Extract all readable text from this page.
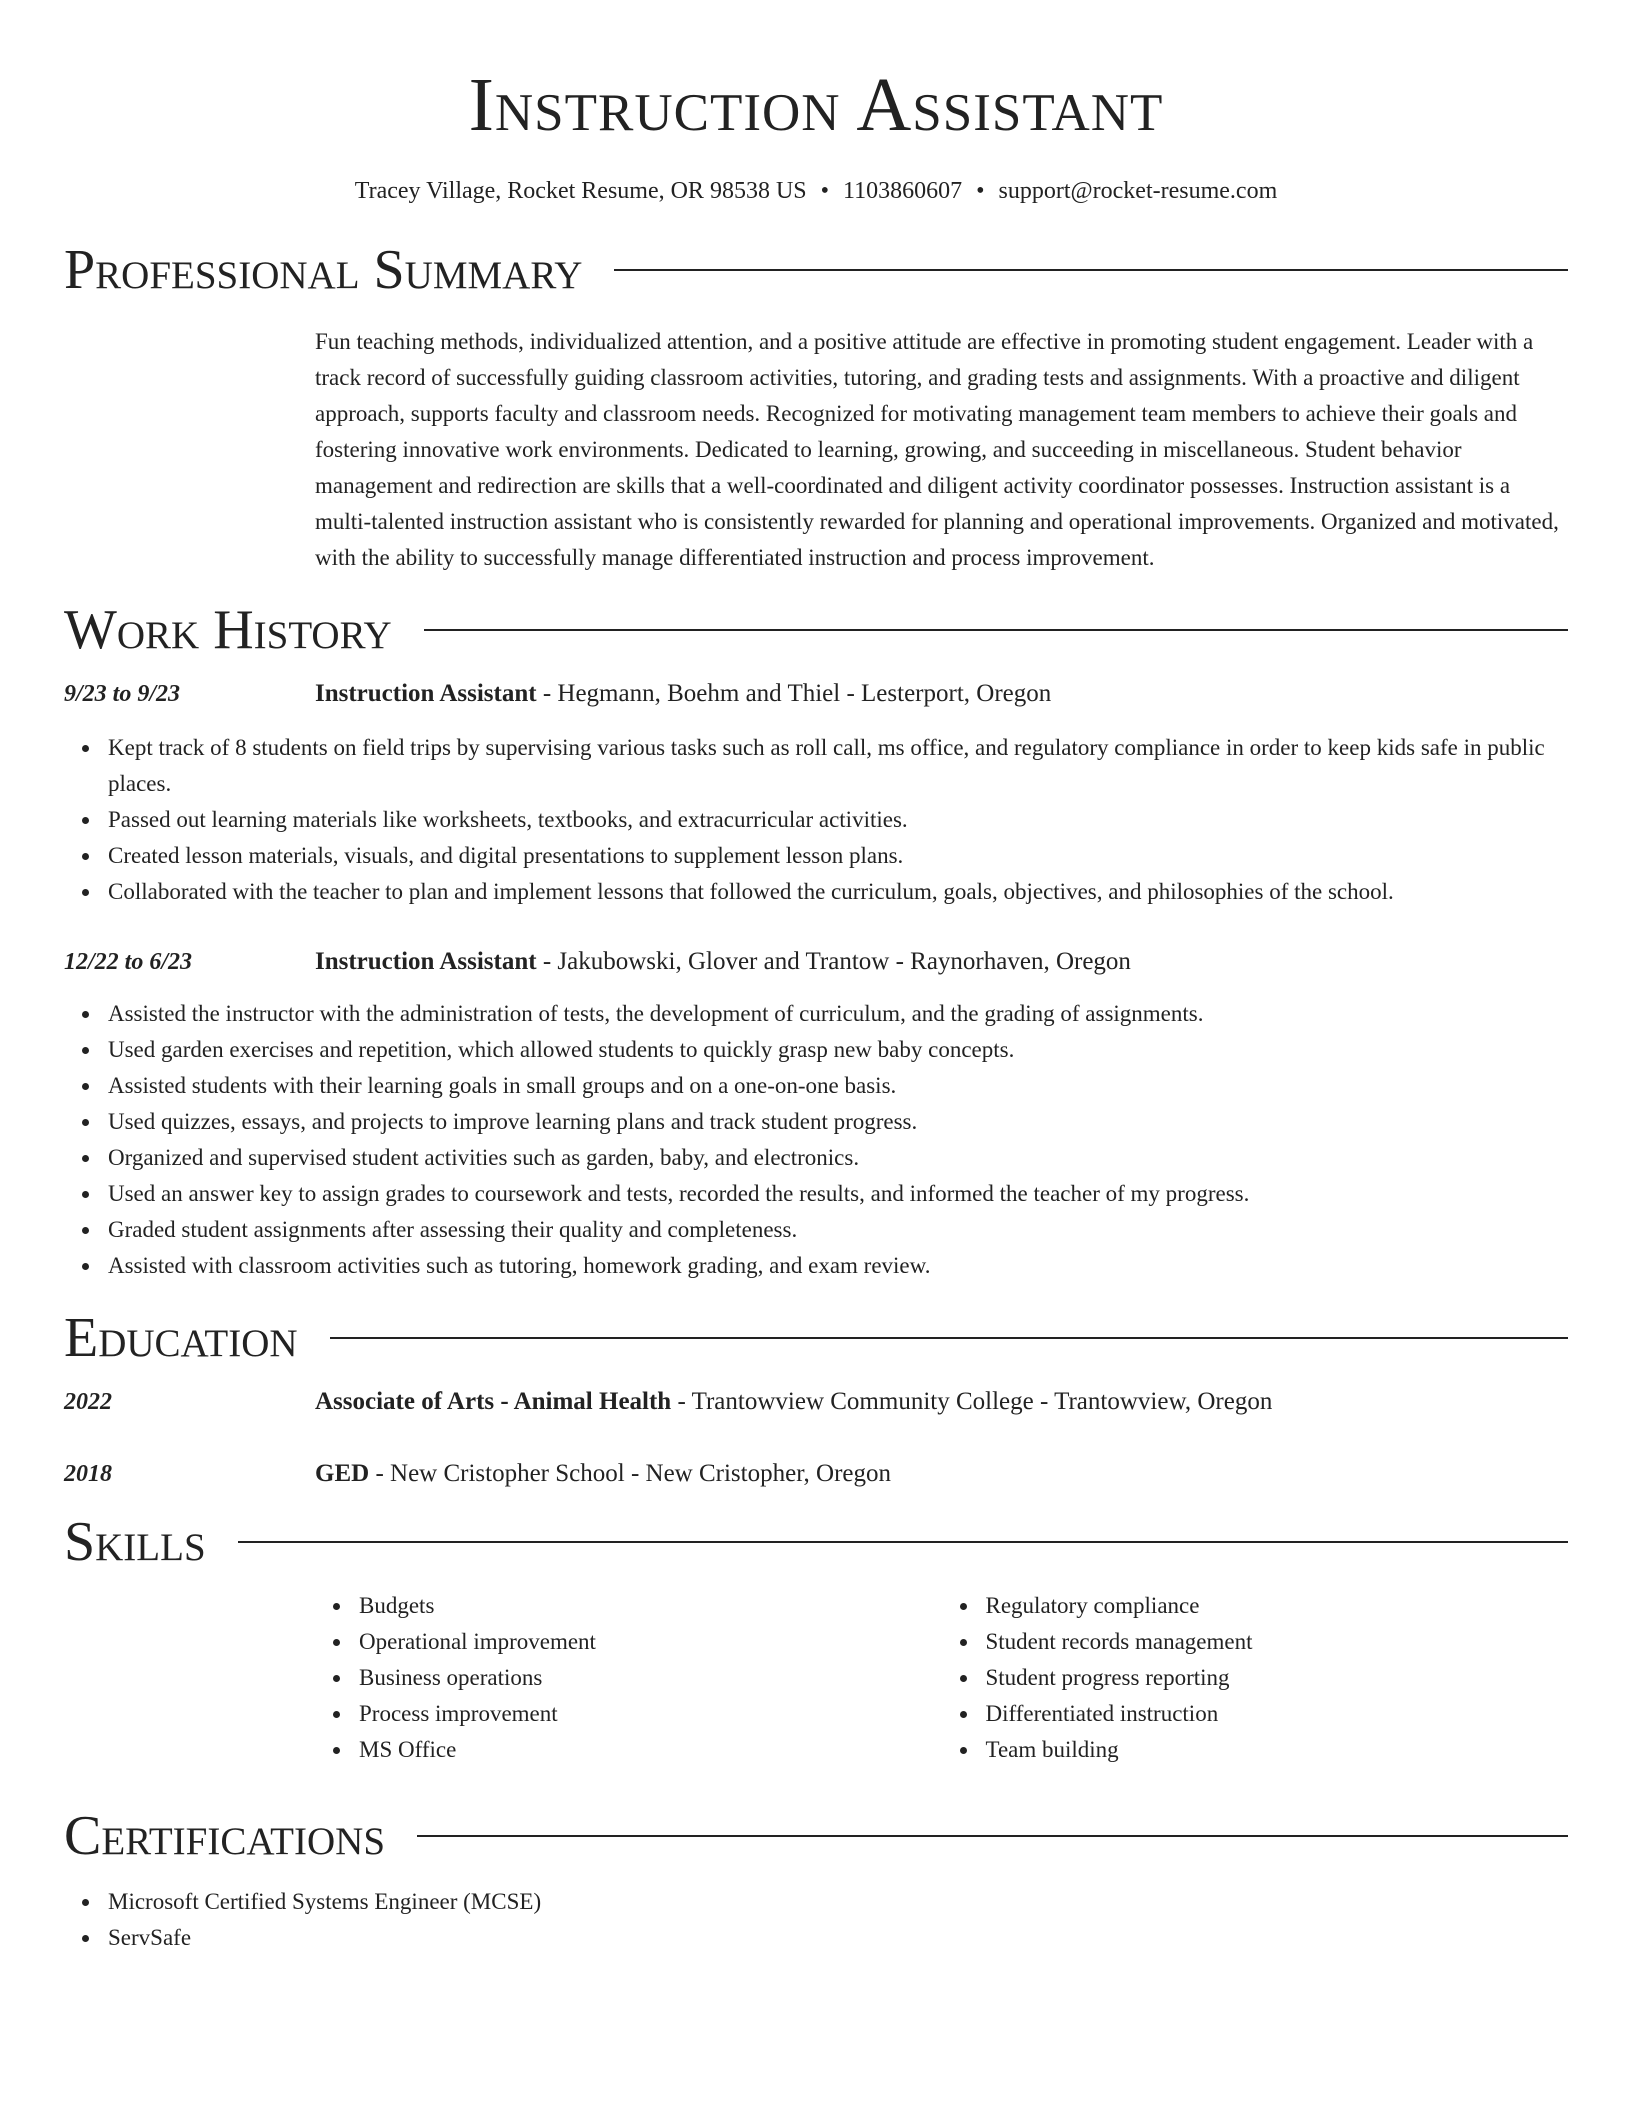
Instruction Assistant
Tracey Village, Rocket Resume, OR 98538 US • 1103860607 • support@rocket-resume.com
Professional Summary

Fun teaching methods, individualized attention, and a positive attitude are effective in promoting student engagement. Leader with a track record of successfully guiding classroom activities, tutoring, and grading tests and assignments. With a proactive and diligent approach, supports faculty and classroom needs. Recognized for motivating management team members to achieve their goals and fostering innovative work environments. Dedicated to learning, growing, and succeeding in miscellaneous. Student behavior management and redirection are skills that a well-coordinated and diligent activity coordinator possesses. Instruction assistant is a multi-talented instruction assistant who is consistently rewarded for planning and operational improvements. Organized and motivated, with the ability to successfully manage differentiated instruction and process improvement.

Work History
9/23 to 9/23	Instruction Assistant - Hegmann, Boehm and Thiel - Lesterport, Oregon
Kept track of 8 students on field trips by supervising various tasks such as roll call, ms office, and regulatory compliance in order to keep kids safe in public places.
Passed out learning materials like worksheets, textbooks, and extracurricular activities.
Created lesson materials, visuals, and digital presentations to supplement lesson plans.
Collaborated with the teacher to plan and implement lessons that followed the curriculum, goals, objectives, and philosophies of the school.
12/22 to 6/23	Instruction Assistant - Jakubowski, Glover and Trantow - Raynorhaven, Oregon
Assisted the instructor with the administration of tests, the development of curriculum, and the grading of assignments.
Used garden exercises and repetition, which allowed students to quickly grasp new baby concepts.
Assisted students with their learning goals in small groups and on a one-on-one basis.
Used quizzes, essays, and projects to improve learning plans and track student progress.
Organized and supervised student activities such as garden, baby, and electronics.
Used an answer key to assign grades to coursework and tests, recorded the results, and informed the teacher of my progress.
Graded student assignments after assessing their quality and completeness.
Assisted with classroom activities such as tutoring, homework grading, and exam review.
Education
2022	Associate of Arts - Animal Health - Trantowview Community College - Trantowview, Oregon
2018	GED - New Cristopher School - New Cristopher, Oregon
Skills
Budgets
Operational improvement
Business operations
Process improvement
MS Office
Regulatory compliance
Student records management
Student progress reporting
Differentiated instruction
Team building
Certifications
Microsoft Certified Systems Engineer (MCSE)
ServSafe
